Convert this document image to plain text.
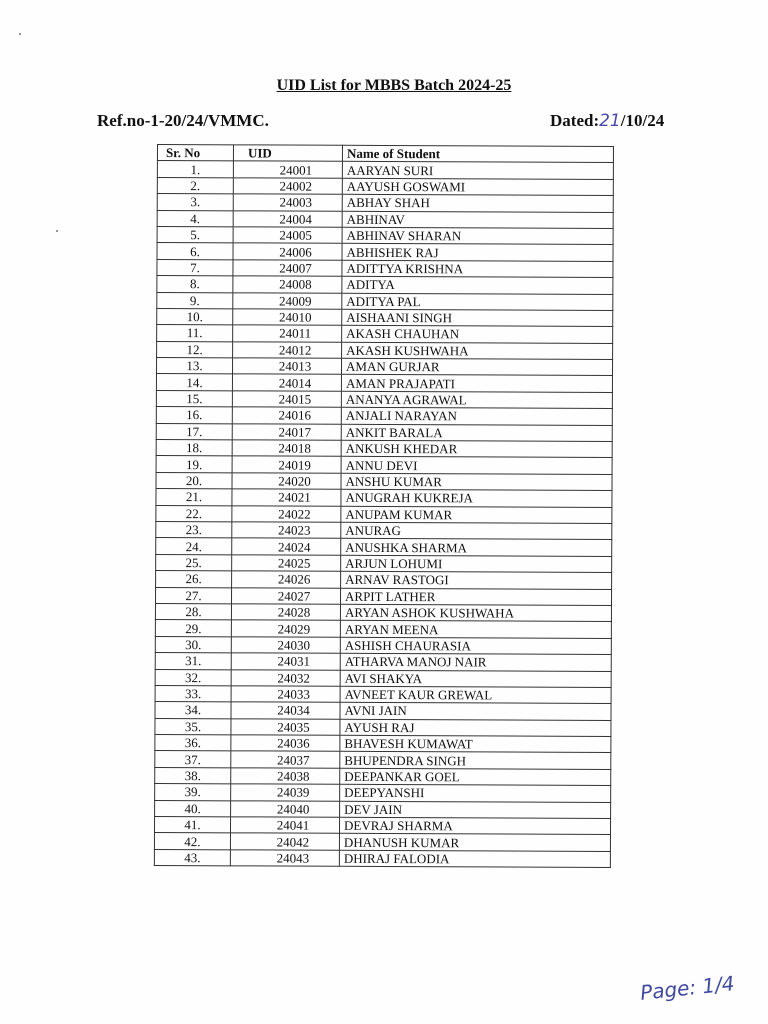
UID List for MBBS Batch 2024-25
Ref.no-1-20/24/VMMC.	Dated:21/10/24
Sr. No	UID	Name of Student
1.	24001	AARYAN SURI
2.	24002	AAYUSH GOSWAMI
3.	24003	ABHAY SHAH
4.	24004	ABHINAV
5.	24005	ABHINAV SHARAN
6.	24006	ABHISHEK RAJ
7.	24007	ADITTYA KRISHNA
8.	24008	ADITYA
9.	24009	ADITYA PAL
10.	24010	AISHAANI SINGH
11.	24011	AKASH CHAUHAN
12.	24012	AKASH KUSHWAHA
13.	24013	AMAN GURJAR
14.	24014	AMAN PRAJAPATI
15.	24015	ANANYA AGRAWAL
16.	24016	ANJALI NARAYAN
17.	24017	ANKIT BARALA
18.	24018	ANKUSH KHEDAR
19.	24019	ANNU DEVI
20.	24020	ANSHU KUMAR
21.	24021	ANUGRAH KUKREJA
22.	24022	ANUPAM KUMAR
23.	24023	ANURAG
24.	24024	ANUSHKA SHARMA
25.	24025	ARJUN LOHUMI
26.	24026	ARNAV RASTOGI
27.	24027	ARPIT LATHER
28.	24028	ARYAN ASHOK KUSHWAHA
29.	24029	ARYAN MEENA
30.	24030	ASHISH CHAURASIA
31.	24031	ATHARVA MANOJ NAIR
32.	24032	AVI SHAKYA
33.	24033	AVNEET KAUR GREWAL
34.	24034	AVNI JAIN
35.	24035	AYUSH RAJ
36.	24036	BHAVESH KUMAWAT
37.	24037	BHUPENDRA SINGH
38.	24038	DEEPANKAR GOEL
39.	24039	DEEPYANSHI
40.	24040	DEV JAIN
41.	24041	DEVRAJ SHARMA
42.	24042	DHANUSH KUMAR
43.	24043	DHIRAJ FALODIA
Page: 1/4
